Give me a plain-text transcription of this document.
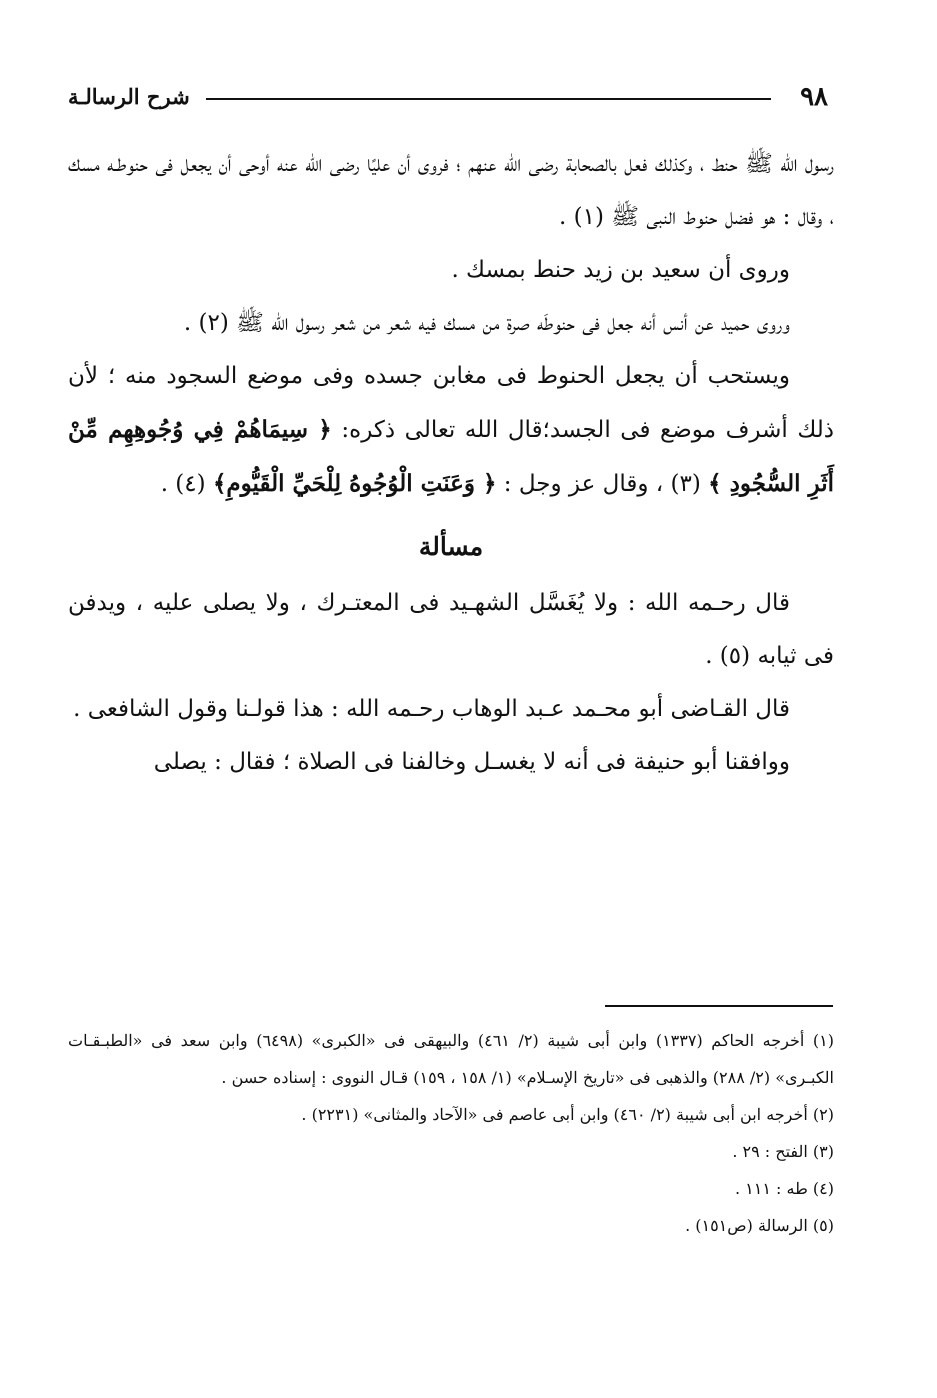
٩٨
شرح الرسالـة

رسول الله ﷺ حنط ، وكذلك فعل بالصحابة رضى الله عنهم ؛ فروى أن عليًا رضى الله عنه أوحى أن يجعل فى حنوطـه مسك ، وقال : هو فضل حنوط النبى ﷺ (١) .

وروى أن سعيد بن زيد حنط بمسك .

وروى حميد عن أنس أنه جعل فى حنوطَه صرة من مسك فيه شعر من شعر رسول الله ﷺ (٢) .

ويستحب أن يجعل الحنوط فى مغابن جسده وفى موضع السجود منه ؛ لأن ذلك أشرف موضع فى الجسد؛قال الله تعالى ذكره: ﴿ سِيمَاهُمْ فِي وُجُوهِهِم مِّنْ أَثَرِ السُّجُودِ ﴾ (٣) ، وقال عز وجل : ﴿ وَعَنَتِ الْوُجُوهُ لِلْحَيِّ الْقَيُّومِ﴾ (٤) .

مسألة

قال رحـمه الله : ولا يُغَسَّل الشهـيد فى المعتـرك ، ولا يصلى عليه ، ويدفن فى ثيابه (٥) .

قال القـاضى أبو محـمد عـبد الوهاب رحـمه الله : هذا قولـنا وقول الشافعى .

ووافقنا أبو حنيفة فى أنه لا يغسـل وخالفنا فى الصلاة ؛ فقال : يصلى

(١) أخرجه الحاكم (١٣٣٧) وابن أبى شيبة (٢/ ٤٦١) والبيهقى فى «الكبرى» (٦٤٩٨) وابن سعد فى «الطبـقـات الكبـرى» (٢/ ٢٨٨) والذهبى فى «تاريخ الإسـلام» (١/ ١٥٨ ، ١٥٩) قـال النووى : إسناده حسن .

(٢) أخرجه ابن أبى شيبة (٢/ ٤٦٠) وابن أبى عاصم فى «الآحاد والمثانى» (٢٢٣١) .

(٣) الفتح : ٢٩ .

(٤) طه : ١١١ .

(٥) الرسالة (ص١٥١) .
